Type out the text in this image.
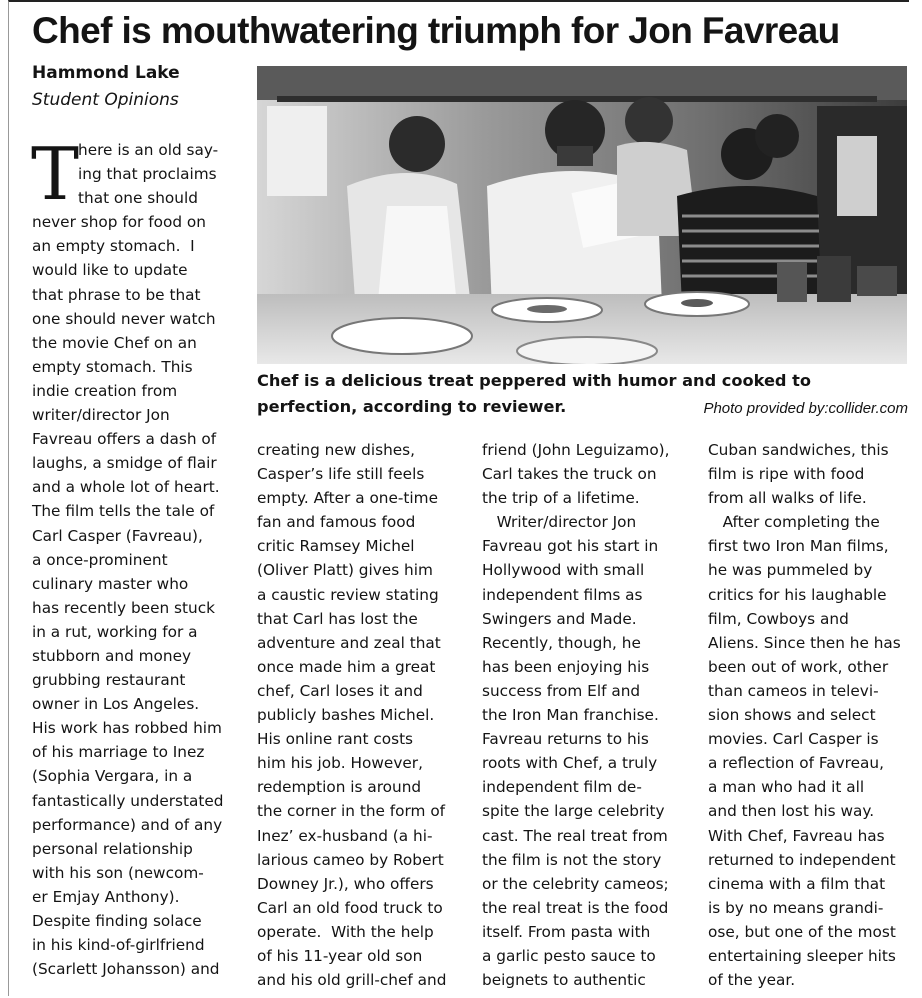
Chef is mouthwatering triumph for Jon Favreau
Hammond Lake
Student Opinions
Chef is a delicious treat peppered with humor and cooked to perfection, according to reviewer.	Photo provided by:collider.com
T

here is an old say-

ing that proclaims

that one should

never shop for food on

an empty stomach.  I

would like to update

that phrase to be that

one should never watch

the movie Chef on an

empty stomach. This

indie creation from

writer/director Jon

Favreau offers a dash of

laughs, a smidge of flair

and a whole lot of heart.

The film tells the tale of

Carl Casper (Favreau),

a once-prominent

culinary master who

has recently been stuck

in a rut, working for a

stubborn and money

grubbing restaurant

owner in Los Angeles.

His work has robbed him

of his marriage to Inez

(Sophia Vergara, in a

fantastically understated

performance) and of any

personal relationship

with his son (newcom-

er Emjay Anthony).

Despite finding solace

in his kind-of-girlfriend

(Scarlett Johansson) and

creating new dishes,

Casper’s life still feels

empty. After a one-time

fan and famous food

critic Ramsey Michel

(Oliver Platt) gives him

a caustic review stating

that Carl has lost the

adventure and zeal that

once made him a great

chef, Carl loses it and

publicly bashes Michel.

His online rant costs

him his job. However,

redemption is around

the corner in the form of

Inez’ ex-husband (a hi-

larious cameo by Robert

Downey Jr.), who offers

Carl an old food truck to

operate.  With the help

of his 11-year old son

and his old grill-chef and

friend (John Leguizamo),

Carl takes the truck on

the trip of a lifetime.

Writer/director Jon

Favreau got his start in

Hollywood with small

independent films as

Swingers and Made.

Recently, though, he

has been enjoying his

success from Elf and

the Iron Man franchise.

Favreau returns to his

roots with Chef, a truly

independent film de-

spite the large celebrity

cast. The real treat from

the film is not the story

or the celebrity cameos;

the real treat is the food

itself. From pasta with

a garlic pesto sauce to

beignets to authentic

Cuban sandwiches, this

film is ripe with food

from all walks of life.

After completing the

first two Iron Man films,

he was pummeled by

critics for his laughable

film, Cowboys and

Aliens. Since then he has

been out of work, other

than cameos in televi-

sion shows and select

movies. Carl Casper is

a reflection of Favreau,

a man who had it all

and then lost his way.

With Chef, Favreau has

returned to independent

cinema with a film that

is by no means grandi-

ose, but one of the most

entertaining sleeper hits

of the year.
